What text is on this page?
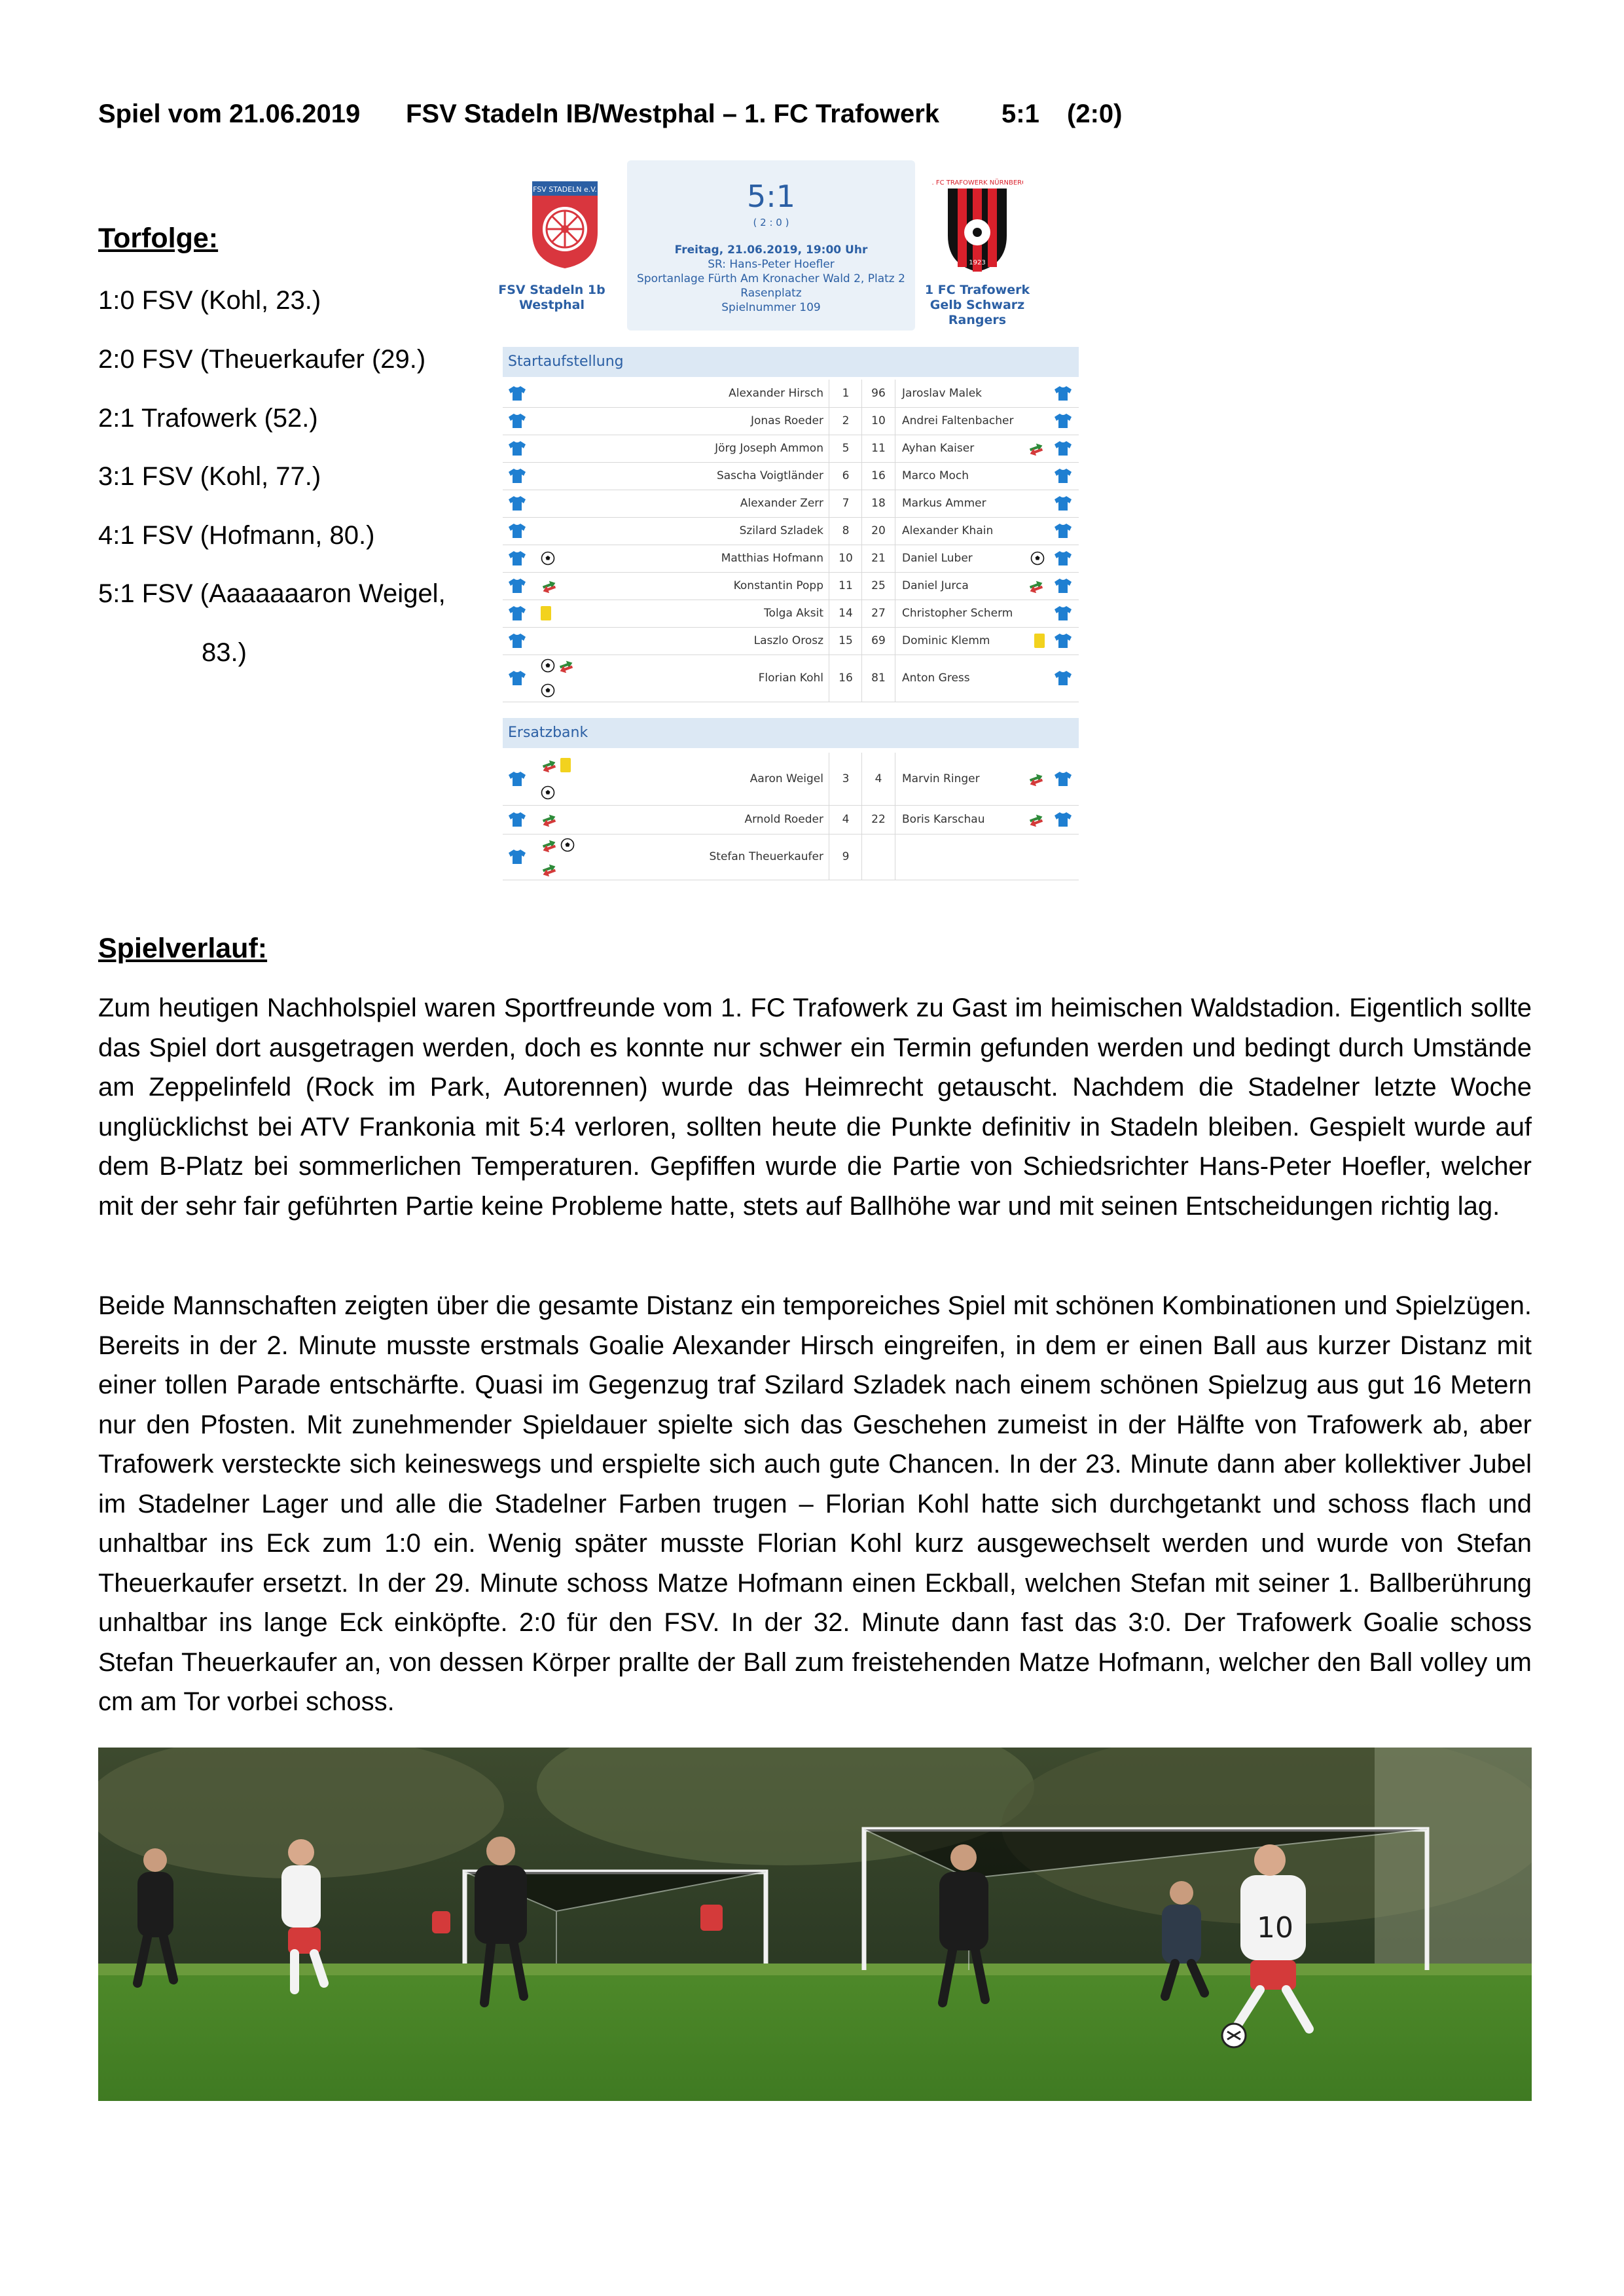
Spiel vom 21.06.2019 FSV Stadeln IB/Westphal – 1. FC Trafowerk 5:1 (2:0)
Torfolge:
1:0 FSV (Kohl, 23.)
2:0 FSV (Theuerkaufer (29.)
2:1 Trafowerk (52.)
3:1 FSV (Kohl, 77.)
4:1 FSV (Hofmann, 80.)
5:1 FSV (Aaaaaaaron Weigel,
83.)
FSV STADELN e.V.
FSV Stadeln 1b Westphal
5:1
( 2 : 0 )
Freitag, 21.06.2019, 19:00 Uhr
SR: Hans-Peter Hoefler
Sportanlage Fürth Am Kronacher Wald 2, Platz 2
Rasenplatz
Spielnummer 109
1. FC TRAFOWERK NÜRNBERG
1923
1 FC Trafowerk Gelb Schwarz Rangers
Startaufstellung
Alexander Hirsch	1	96	Jaroslav Malek
Jonas Roeder	2	10	Andrei Faltenbacher
Jörg Joseph Ammon	5	11	Ayhan Kaiser
Sascha Voigtländer	6	16	Marco Moch
Alexander Zerr	7	18	Markus Ammer
Szilard Szladek	8	20	Alexander Khain
Matthias Hofmann	10	21	Daniel Luber
Konstantin Popp	11	25	Daniel Jurca
Tolga Aksit	14	27	Christopher Scherm
Laszlo Orosz	15	69	Dominic Klemm
Florian Kohl	16	81	Anton Gress
Ersatzbank
Aaron Weigel	3	4	Marvin Ringer
Arnold Roeder	4	22	Boris Karschau
Stefan Theuerkaufer	9
Spielverlauf:
Zum heutigen Nachholspiel waren Sportfreunde vom 1. FC Trafowerk zu Gast im heimischen Waldstadion. Eigentlich sollte das Spiel dort ausgetragen werden, doch es konnte nur schwer ein Termin gefunden werden und bedingt durch Umstände am Zeppelinfeld (Rock im Park, Autorennen) wurde das Heimrecht getauscht. Nachdem die Stadelner letzte Woche unglücklichst bei ATV Frankonia mit 5:4 verloren, sollten heute die Punkte definitiv in Stadeln bleiben. Gespielt wurde auf dem B-Platz bei sommerlichen Temperaturen. Gepfiffen wurde die Partie von Schiedsrichter Hans-Peter Hoefler, welcher mit der sehr fair geführten Partie keine Probleme hatte, stets auf Ballhöhe war und mit seinen Entscheidungen richtig lag.
Beide Mannschaften zeigten über die gesamte Distanz ein temporeiches Spiel mit schönen Kombinationen und Spielzügen. Bereits in der 2. Minute musste erstmals Goalie Alexander Hirsch eingreifen, in dem er einen Ball aus kurzer Distanz mit einer tollen Parade entschärfte. Quasi im Gegenzug traf Szilard Szladek nach einem schönen Spielzug aus gut 16 Metern nur den Pfosten. Mit zunehmender Spieldauer spielte sich das Geschehen zumeist in der Hälfte von Trafowerk ab, aber Trafowerk versteckte sich keineswegs und erspielte sich auch gute Chancen. In der 23. Minute dann aber kollektiver Jubel im Stadelner Lager und alle die Stadelner Farben trugen – Florian Kohl hatte sich durchgetankt und schoss flach und unhaltbar ins Eck zum 1:0 ein. Wenig später musste Florian Kohl kurz ausgewechselt werden und wurde von Stefan Theuerkaufer ersetzt. In der 29. Minute schoss Matze Hofmann einen Eckball, welchen Stefan mit seiner 1. Ballberührung unhaltbar ins lange Eck einköpfte. 2:0 für den FSV. In der 32. Minute dann fast das 3:0. Der Trafowerk Goalie schoss Stefan Theuerkaufer an, von dessen Körper prallte der Ball zum freistehenden Matze Hofmann, welcher den Ball volley um cm am Tor vorbei schoss.
10
